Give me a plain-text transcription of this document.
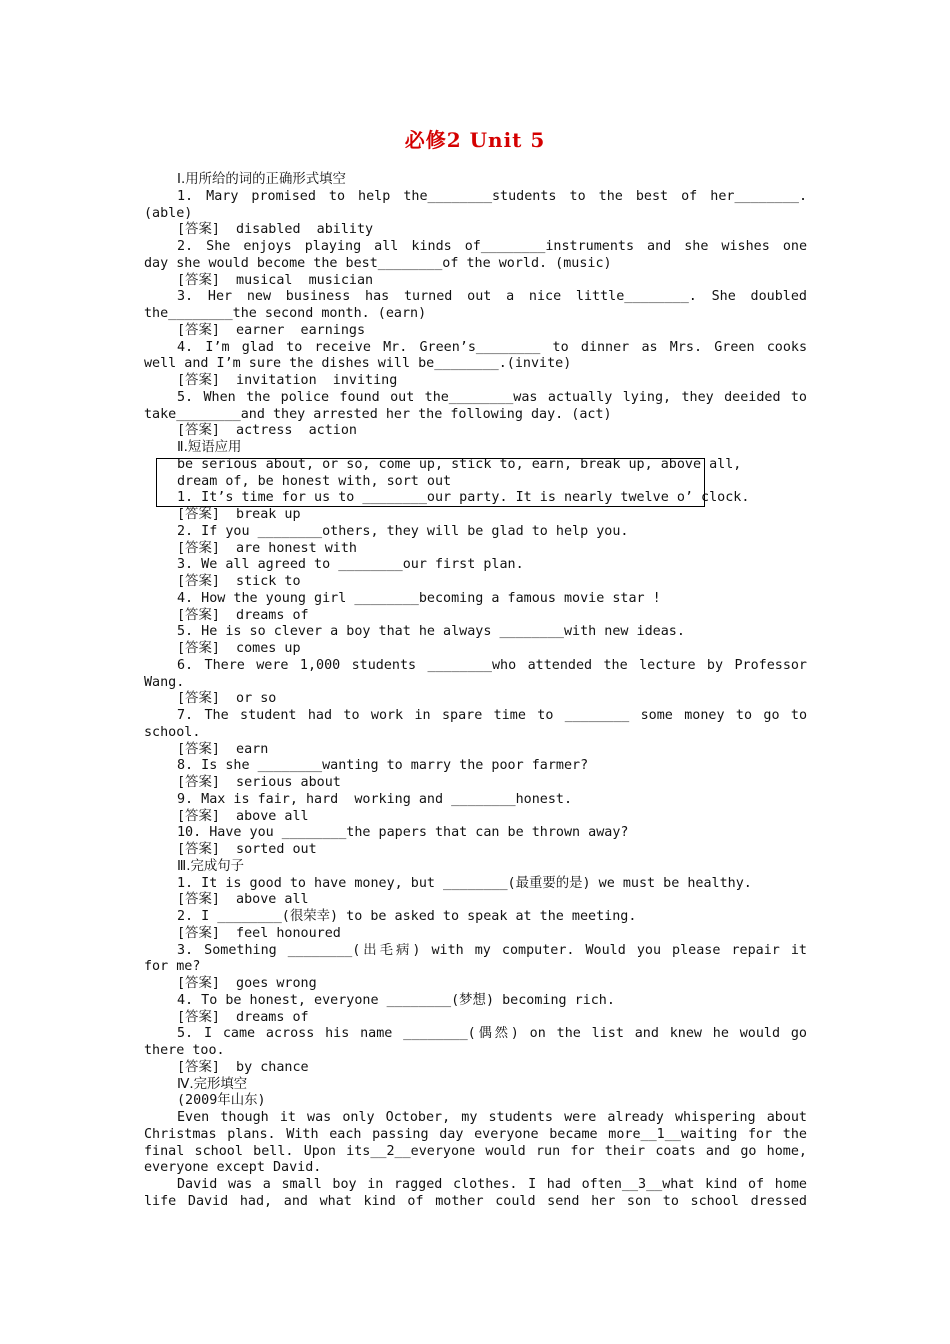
必修2 Unit 5
Ⅰ.用所给的词的正确形式填空
1. Mary promised to help the________students to the best of her________.
(able)
[答案]  disabled  ability
2. She enjoys playing all kinds of________instruments and she wishes one
day she would become the best________of the world. (music)
[答案]  musical  musician
3. Her new business has turned out a nice little________. She doubled
the________the second month. (earn)
[答案]  earner  earnings
4. I’m glad to receive Mr. Green’s________ to dinner as Mrs. Green cooks
well and I’m sure the dishes will be________.(invite)
[答案]  invitation  inviting
5. When the police found out the________was actually lying, they deeided to
take________and they arrested her the following day. (act)
[答案]  actress  action
Ⅱ.短语应用
be serious about, or so, come up, stick to, earn, break up, above all,
dream of, be honest with, sort out
1. It’s time for us to ________our party. It is nearly twelve o’ clock.
[答案]  break up
2. If you ________others, they will be glad to help you.
[答案]  are honest with
3. We all agreed to ________our first plan.
[答案]  stick to
4. How the young girl ________becoming a famous movie star !
[答案]  dreams of
5. He is so clever a boy that he always ________with new ideas.
[答案]  comes up
6. There were 1,000 students ________who attended the lecture by Professor
Wang.
[答案]  or so
7. The student had to work in spare time to ________ some money to go to
school.
[答案]  earn
8. Is she ________wanting to marry the poor farmer?
[答案]  serious about
9. Max is fair, hard  working and ________honest.
[答案]  above all
10. Have you ________the papers that can be thrown away?
[答案]  sorted out
Ⅲ.完成句子
1. It is good to have money, but ________(最重要的是) we must be healthy.
[答案]  above all
2. I ________(很荣幸) to be asked to speak at the meeting.
[答案]  feel honoured
3. Something ________(出毛病) with my computer. Would you please repair it
for me?
[答案]  goes wrong
4. To be honest, everyone ________(梦想) becoming rich.
[答案]  dreams of
5. I came across his name ________(偶然) on the list and knew he would go
there too.
[答案]  by chance
Ⅳ.完形填空
(2009年山东)
Even though it was only October, my students were already whispering about
Christmas plans. With each passing day everyone became more__1__waiting for the
final school bell. Upon its__2__everyone would run for their coats and go home,
everyone except David.
David was a small boy in ragged clothes. I had often__3__what kind of home
life David had, and what kind of mother could send her son to school dressed
